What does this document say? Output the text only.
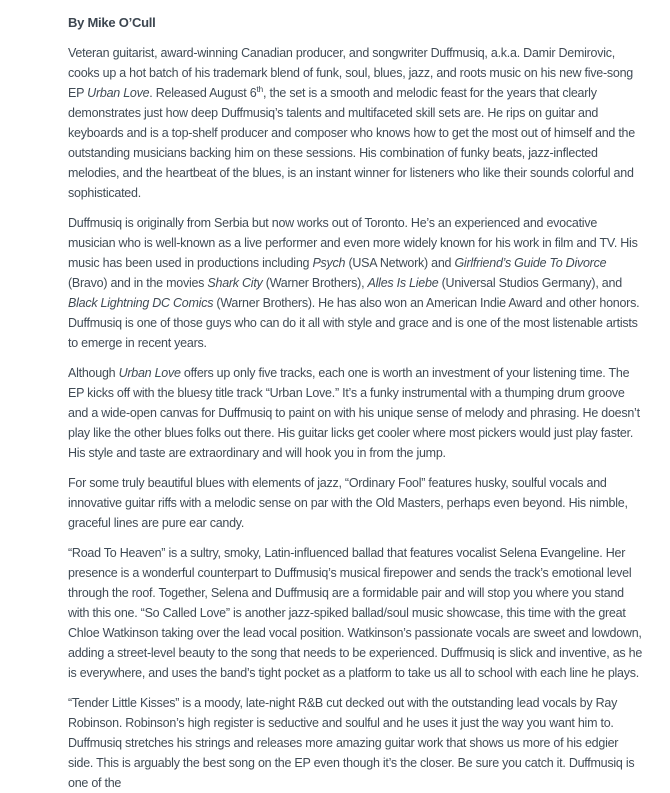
By Mike O’Cull

Veteran guitarist, award-winning Canadian producer, and songwriter Duffmusiq, a.k.a. Damir Demirovic, cooks up a hot batch of his trademark blend of funk, soul, blues, jazz, and roots music on his new five-song EP Urban Love. Released August 6th, the set is a smooth and melodic feast for the years that clearly demonstrates just how deep Duffmusiq’s talents and multifaceted skill sets are. He rips on guitar and keyboards and is a top-shelf producer and composer who knows how to get the most out of himself and the outstanding musicians backing him on these sessions. His combination of funky beats, jazz-inflected melodies, and the heartbeat of the blues, is an instant winner for listeners who like their sounds colorful and sophisticated.

Duffmusiq is originally from Serbia but now works out of Toronto. He’s an experienced and evocative musician who is well-known as a live performer and even more widely known for his work in film and TV. His music has been used in productions including Psych (USA Network) and Girlfriend’s Guide To Divorce (Bravo) and in the movies Shark City (Warner Brothers), Alles Is Liebe (Universal Studios Germany), and Black Lightning DC Comics (Warner Brothers). He has also won an American Indie Award and other honors. Duffmusiq is one of those guys who can do it all with style and grace and is one of the most listenable artists to emerge in recent years.

Although Urban Love offers up only five tracks, each one is worth an investment of your listening time. The EP kicks off with the bluesy title track “Urban Love.” It’s a funky instrumental with a thumping drum groove and a wide-open canvas for Duffmusiq to paint on with his unique sense of melody and phrasing. He doesn’t play like the other blues folks out there. His guitar licks get cooler where most pickers would just play faster. His style and taste are extraordinary and will hook you in from the jump.

For some truly beautiful blues with elements of jazz, “Ordinary Fool” features husky, soulful vocals and innovative guitar riffs with a melodic sense on par with the Old Masters, perhaps even beyond. His nimble, graceful lines are pure ear candy.

“Road To Heaven” is a sultry, smoky, Latin-influenced ballad that features vocalist Selena Evangeline. Her presence is a wonderful counterpart to Duffmusiq’s musical firepower and sends the track’s emotional level through the roof. Together, Selena and Duffmusiq are a formidable pair and will stop you where you stand with this one. “So Called Love” is another jazz-spiked ballad/soul music showcase, this time with the great Chloe Watkinson taking over the lead vocal position. Watkinson’s passionate vocals are sweet and lowdown, adding a street-level beauty to the song that needs to be experienced. Duffmusiq is slick and inventive, as he is everywhere, and uses the band’s tight pocket as a platform to take us all to school with each line he plays.

“Tender Little Kisses” is a moody, late-night R&B cut decked out with the outstanding lead vocals by Ray Robinson. Robinson’s high register is seductive and soulful and he uses it just the way you want him to. Duffmusiq stretches his strings and releases more amazing guitar work that shows us more of his edgier side. This is arguably the best song on the EP even though it’s the closer. Be sure you catch it. Duffmusiq is one of the
